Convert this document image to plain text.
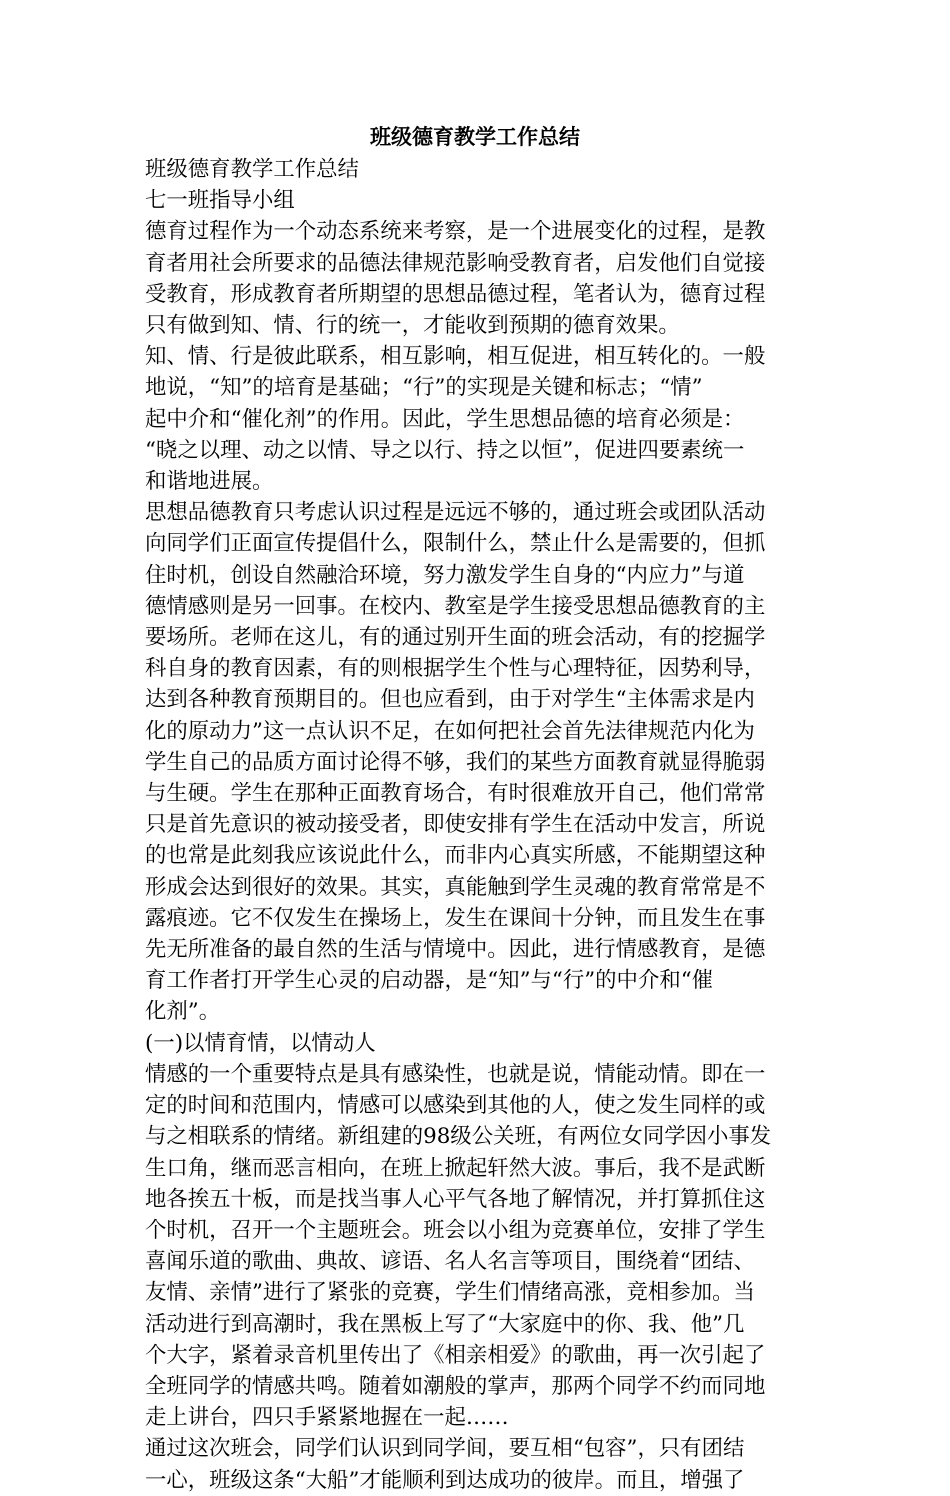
班级德育教学工作总结

班级德育教学工作总结

七一班指导小组

德育过程作为一个动态系统来考察，是一个进展变化的过程，是教

育者用社会所要求的品德法律规范影响受教育者，启发他们自觉接

受教育，形成教育者所期望的思想品德过程，笔者认为，德育过程

只有做到知、情、行的统一，才能收到预期的德育效果。

知、情、行是彼此联系，相互影响，相互促进，相互转化的。一般

地说，“知”的培育是基础；“行”的实现是关键和标志；“情”

起中介和“催化剂”的作用。因此，学生思想品德的培育必须是：

“晓之以理、动之以情、导之以行、持之以恒”，促进四要素统一

和谐地进展。

思想品德教育只考虑认识过程是远远不够的，通过班会或团队活动

向同学们正面宣传提倡什么，限制什么，禁止什么是需要的，但抓

住时机，创设自然融洽环境，努力激发学生自身的“内应力”与道

德情感则是另一回事。在校内、教室是学生接受思想品德教育的主

要场所。老师在这儿，有的通过别开生面的班会活动，有的挖掘学

科自身的教育因素，有的则根据学生个性与心理特征，因势利导，

达到各种教育预期目的。但也应看到，由于对学生“主体需求是内

化的原动力”这一点认识不足，在如何把社会首先法律规范内化为

学生自己的品质方面讨论得不够，我们的某些方面教育就显得脆弱

与生硬。学生在那种正面教育场合，有时很难放开自己，他们常常

只是首先意识的被动接受者，即使安排有学生在活动中发言，所说

的也常是此刻我应该说此什么，而非内心真实所感，不能期望这种

形成会达到很好的效果。其实，真能触到学生灵魂的教育常常是不

露痕迹。它不仅发生在操场上，发生在课间十分钟，而且发生在事

先无所准备的最自然的生活与情境中。因此，进行情感教育，是德

育工作者打开学生心灵的启动器，是“知”与“行”的中介和“催

化剂”。

(一)以情育情，以情动人

情感的一个重要特点是具有感染性，也就是说，情能动情。即在一

定的时间和范围内，情感可以感染到其他的人，使之发生同样的或

与之相联系的情绪。新组建的98级公关班，有两位女同学因小事发

生口角，继而恶言相向，在班上掀起轩然大波。事后，我不是武断

地各挨五十板，而是找当事人心平气各地了解情况，并打算抓住这

个时机，召开一个主题班会。班会以小组为竞赛单位，安排了学生

喜闻乐道的歌曲、典故、谚语、名人名言等项目，围绕着“团结、

友情、亲情”进行了紧张的竞赛，学生们情绪高涨，竞相参加。当

活动进行到高潮时，我在黑板上写了“大家庭中的你、我、他”几

个大字，紧着录音机里传出了《相亲相爱》的歌曲，再一次引起了

全班同学的情感共鸣。随着如潮般的掌声，那两个同学不约而同地

走上讲台，四只手紧紧地握在一起……

通过这次班会，同学们认识到同学间，要互相“包容”，只有团结

一心，班级这条“大船”才能顺利到达成功的彼岸。而且，增强了
